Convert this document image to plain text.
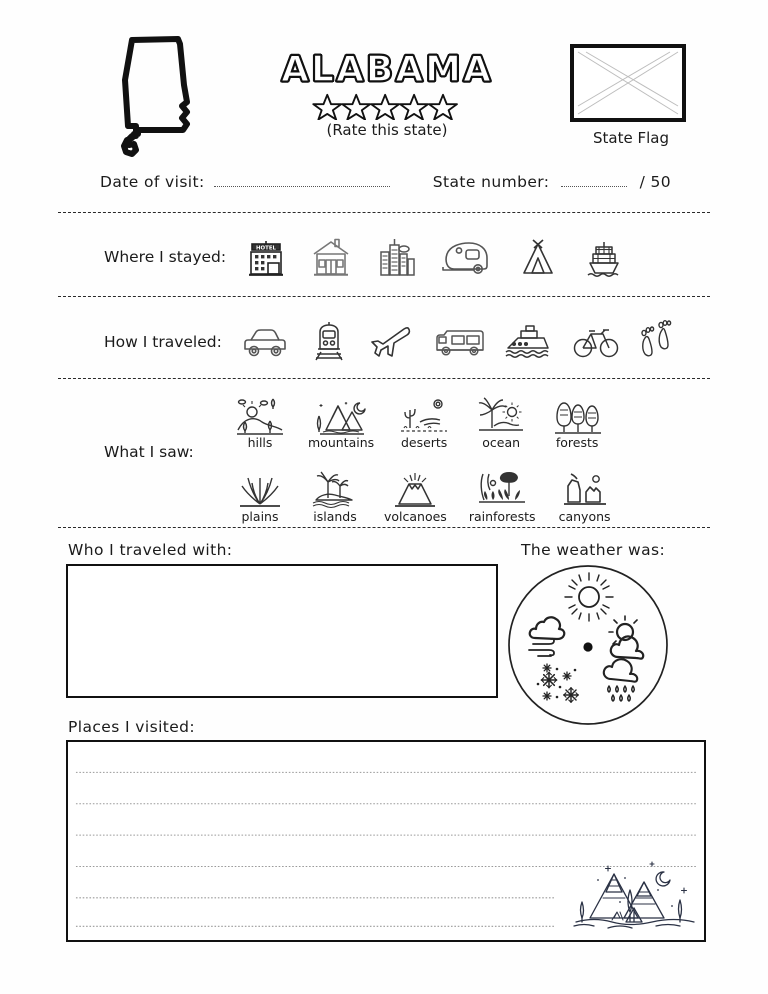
ALABAMA
(Rate this state)	State Flag
Date of visit:	State number:	/ 50
Where I stayed:	HOTEL
How I traveled:
What I saw:
hills	mountains deserts	ocean	forests
plains	islands volcanoes rainforests canyons
Who I traveled with:	The weather was:
Places I visited:
